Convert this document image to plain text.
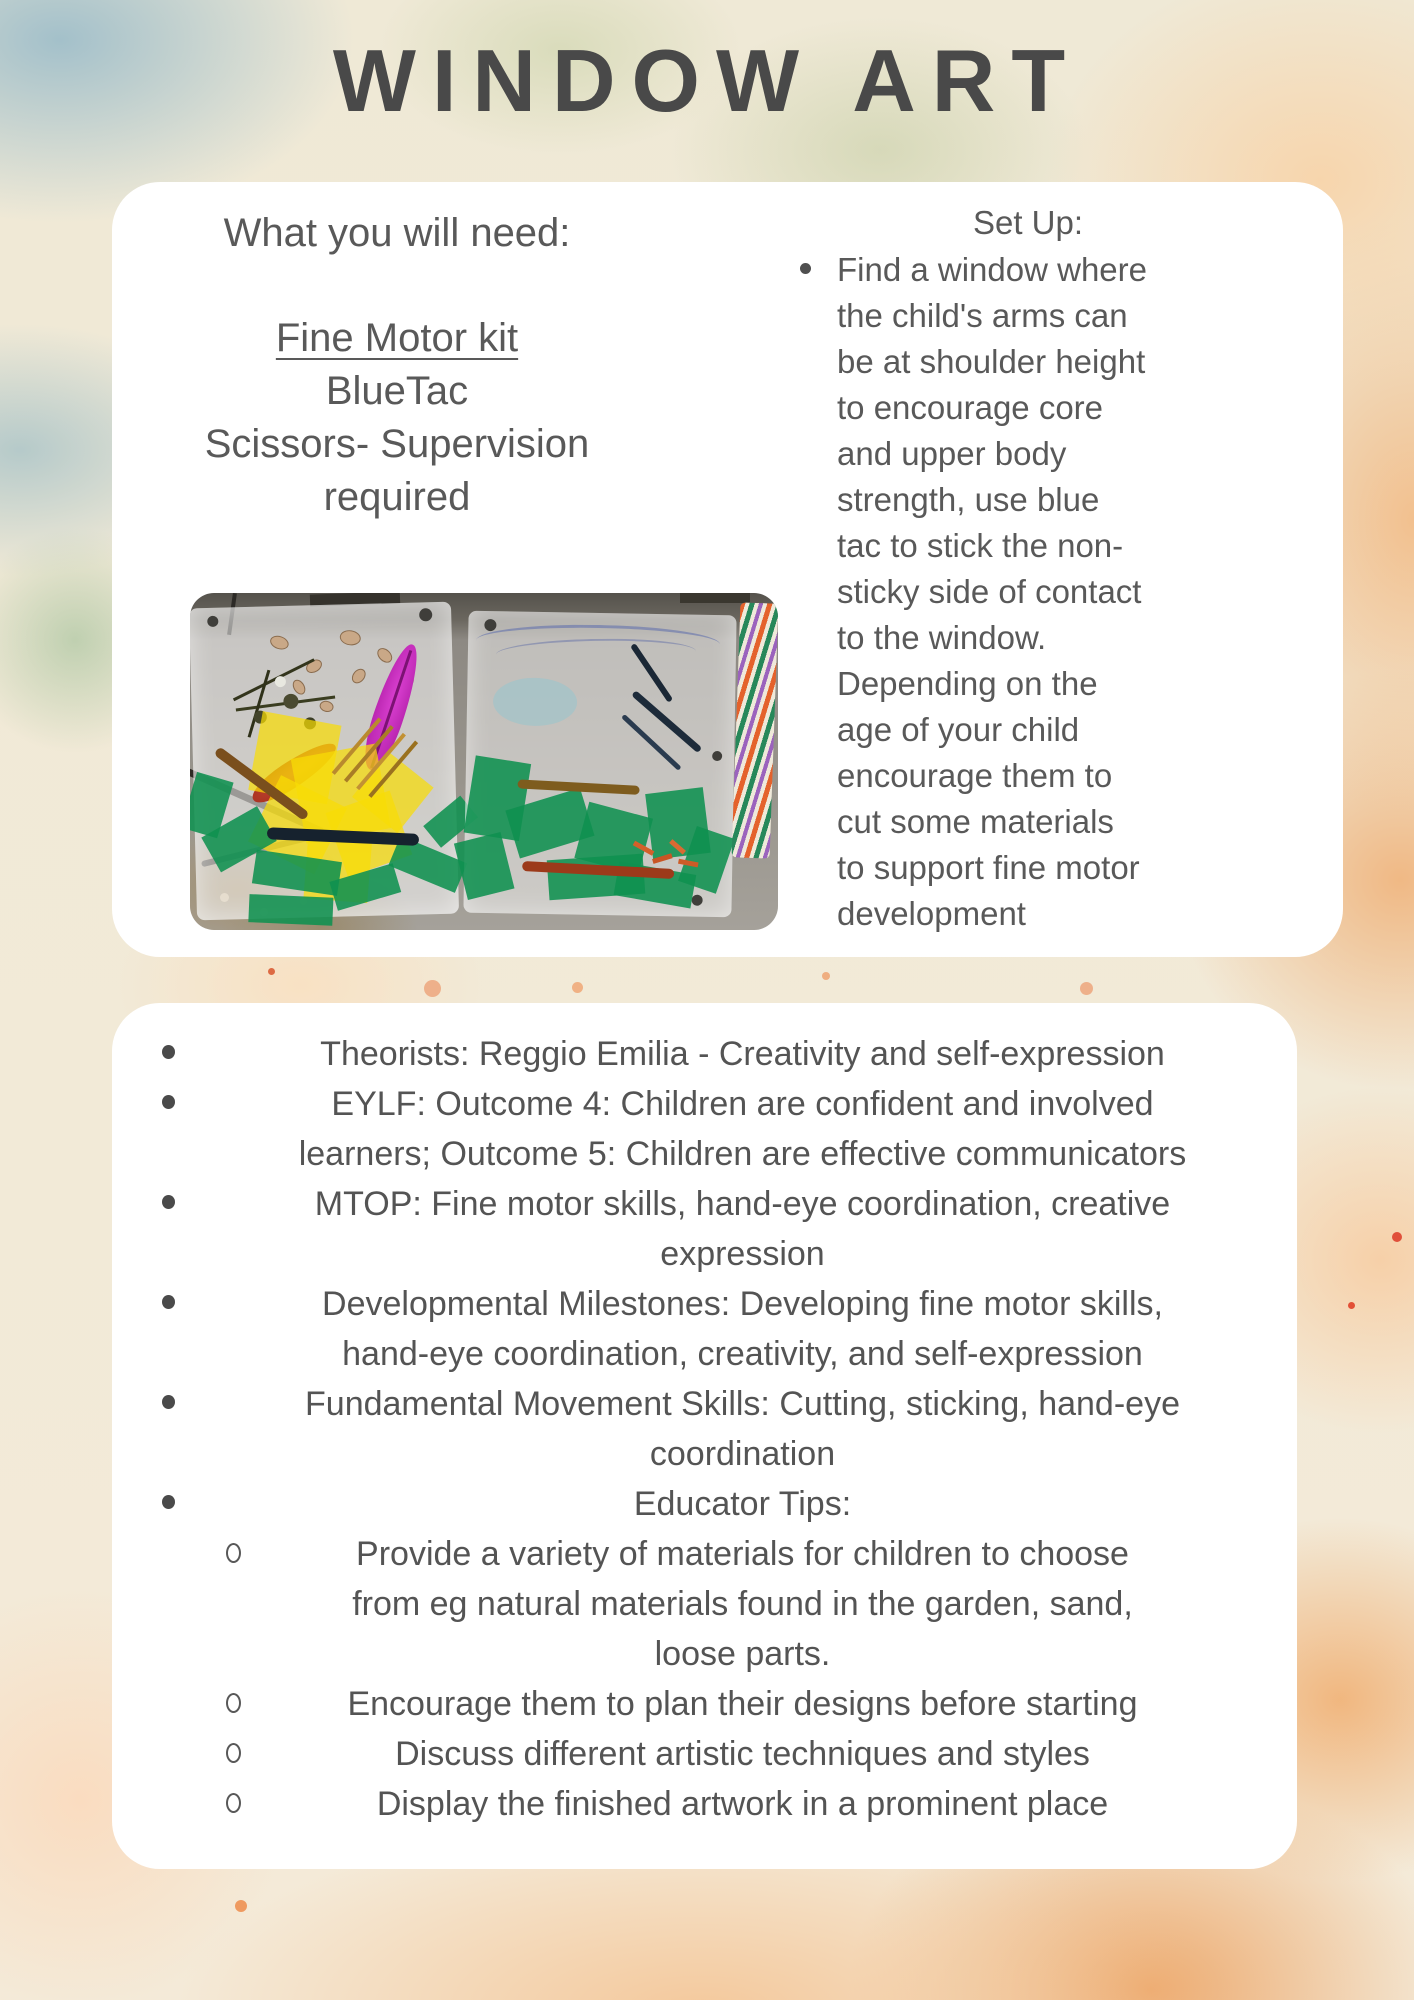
WINDOW ART
What you will need:
Fine Motor kit
BlueTac
Scissors- Supervision required
Set Up:
Find a window where
the child's arms can
be at shoulder height
to encourage core
and upper body
strength, use blue
tac to stick the non-
sticky side of contact
to the window.
Depending on the
age of your child
encourage them to
cut some materials
to support fine motor
development
Theorists: Reggio Emilia - Creativity and self-expression
EYLF: Outcome 4: Children are confident and involved
learners; Outcome 5: Children are effective communicators
MTOP: Fine motor skills, hand-eye coordination, creative
expression
Developmental Milestones: Developing fine motor skills,
hand-eye coordination, creativity, and self-expression
Fundamental Movement Skills: Cutting, sticking, hand-eye
coordination
Educator Tips:
Provide a variety of materials for children to choose
from eg natural materials found in the garden, sand,
loose parts.
Encourage them to plan their designs before starting
Discuss different artistic techniques and styles
Display the finished artwork in a prominent place
